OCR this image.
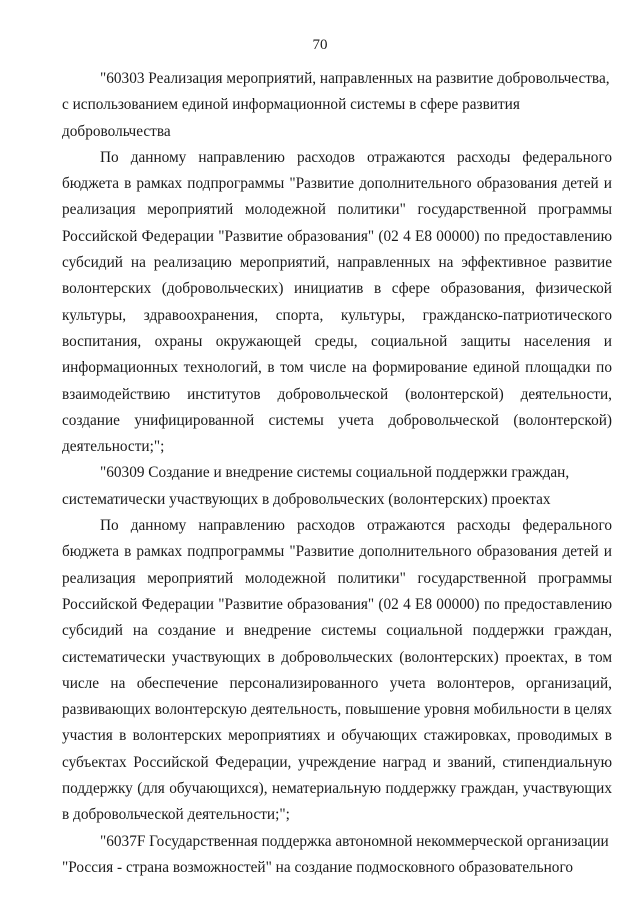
70

"60303 Реализация мероприятий, направленных на развитие добровольчества, с использованием единой информационной системы в сфере развития добровольчества

По данному направлению расходов отражаются расходы федерального бюджета в рамках подпрограммы "Развитие дополнительного образования детей и реализация мероприятий молодежной политики" государственной программы Российской Федерации "Развитие образования" (02 4 Е8 00000) по предоставлению субсидий на реализацию мероприятий, направленных на эффективное развитие волонтерских (добровольческих) инициатив в сфере образования, физической культуры, здравоохранения, спорта, культуры, гражданско-патриотического воспитания, охраны окружающей среды, социальной защиты населения и информационных технологий, в том числе на формирование единой площадки по взаимодействию институтов добровольческой (волонтерской) деятельности, создание унифицированной системы учета добровольческой (волонтерской) деятельности;";

"60309 Создание и внедрение системы социальной поддержки граждан, систематически участвующих в добровольческих (волонтерских) проектах

По данному направлению расходов отражаются расходы федерального бюджета в рамках подпрограммы "Развитие дополнительного образования детей и реализация мероприятий молодежной политики" государственной программы Российской Федерации "Развитие образования" (02 4 Е8 00000) по предоставлению субсидий на создание и внедрение системы социальной поддержки граждан, систематически участвующих в добровольческих (волонтерских) проектах, в том числе на обеспечение персонализированного учета волонтеров, организаций, развивающих волонтерскую деятельность, повышение уровня мобильности в целях участия в волонтерских мероприятиях и обучающих стажировках, проводимых в субъектах Российской Федерации, учреждение наград и званий, стипендиальную поддержку (для обучающихся), нематериальную поддержку граждан, участвующих в добровольческой деятельности;";

"6037F Государственная поддержка автономной некоммерческой организации "Россия - страна возможностей" на создание подмосковного образовательного
